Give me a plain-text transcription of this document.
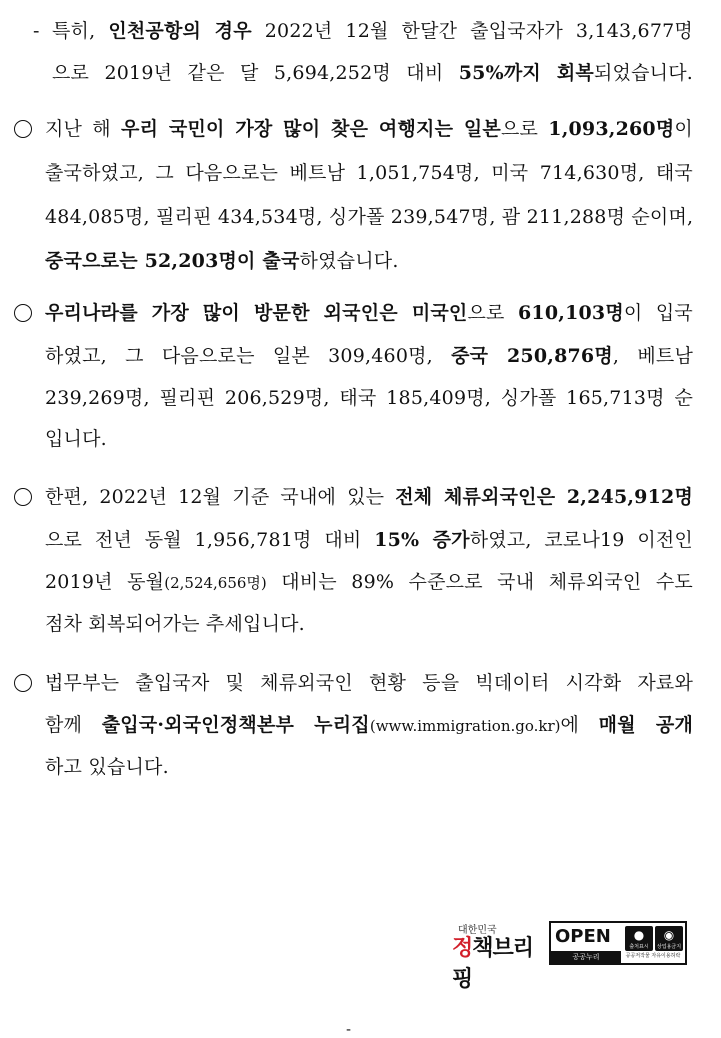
- 특히, 인천공항의 경우 2022년 12월 한달간 출입국자가 3,143,677명
으로 2019년 같은 달 5,694,252명 대비 55%까지 회복되었습니다.
지난 해 우리 국민이 가장 많이 찾은 여행지는 일본으로 1,093,260명이
출국하였고, 그 다음으로는 베트남 1,051,754명, 미국 714,630명, 태국
484,085명, 필리핀 434,534명, 싱가폴 239,547명, 괌 211,288명 순이며,
중국으로는 52,203명이 출국하였습니다.
우리나라를 가장 많이 방문한 외국인은 미국인으로 610,103명이 입국
하였고, 그 다음으로는 일본 309,460명, 중국 250,876명, 베트남
239,269명, 필리핀 206,529명, 태국 185,409명, 싱가폴 165,713명 순
입니다.
한편, 2022년 12월 기준 국내에 있는 전체 체류외국인은 2,245,912명
으로 전년 동월 1,956,781명 대비 15% 증가하였고, 코로나19 이전인
2019년 동월(2,524,656명) 대비는 89% 수준으로 국내 체류외국인 수도
점차 회복되어가는 추세입니다.
법무부는 출입국자 및 체류외국인 현황 등을 빅데이터 시각화 자료와
함께 출입국·외국인정책본부 누리집(www.immigration.go.kr)에 매월 공개
하고 있습니다.
대한민국
정책브리핑
OPEN
공공누리
●
출처표시
◉
상업용금지
공공저작물 자유이용허락
-
